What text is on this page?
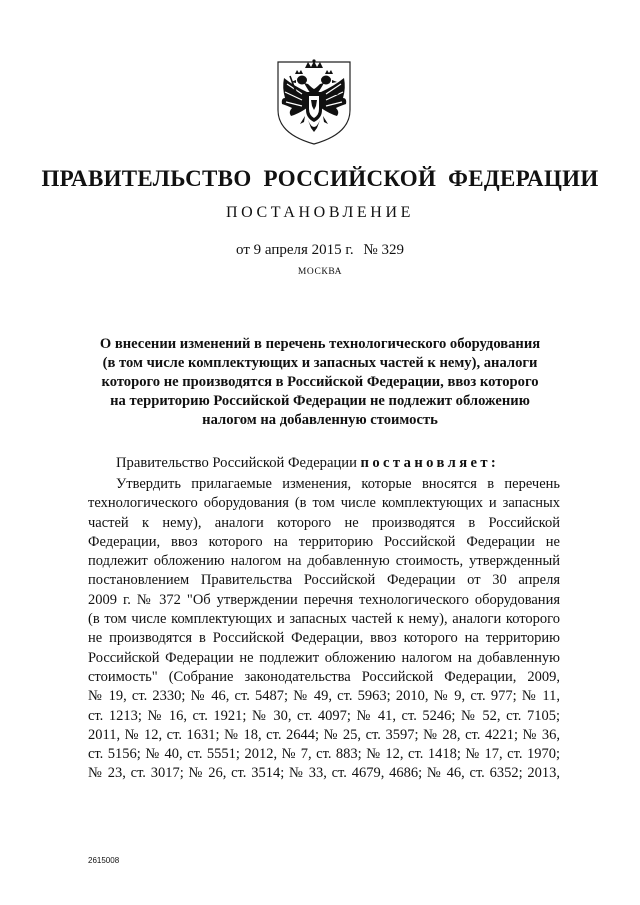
ПРАВИТЕЛЬСТВО РОССИЙСКОЙ ФЕДЕРАЦИИ

ПОСТАНОВЛЕНИЕ

от 9 апреля 2015 г. № 329

МОСКВА

О внесении изменений в перечень технологического оборудования
(в том числе комплектующих и запасных частей к нему), аналоги
которого не производятся в Российской Федерации, ввоз которого
на территорию Российской Федерации не подлежит обложению
налогом на добавленную стоимость

Правительство Российской Федерации постановляет:

Утвердить прилагаемые изменения, которые вносятся в перечень
технологического оборудования (в том числе комплектующих и запасных
частей к нему), аналоги которого не производятся в Российской
Федерации, ввоз которого на территорию Российской Федерации не
подлежит обложению налогом на добавленную стоимость, утвержденный
постановлением Правительства Российской Федерации от 30 апреля
2009 г. № 372 "Об утверждении перечня технологического оборудования
(в том числе комплектующих и запасных частей к нему), аналоги которого
не производятся в Российской Федерации, ввоз которого на территорию
Российской Федерации не подлежит обложению налогом на добавленную
стоимость" (Собрание законодательства Российской Федерации, 2009,
№ 19, ст. 2330; № 46, ст. 5487; № 49, ст. 5963; 2010, № 9, ст. 977; № 11,
ст. 1213; № 16, ст. 1921; № 30, ст. 4097; № 41, ст. 5246; № 52, ст. 7105;
2011, № 12, ст. 1631; № 18, ст. 2644; № 25, ст. 3597; № 28, ст. 4221; № 36,
ст. 5156; № 40, ст. 5551; 2012, № 7, ст. 883; № 12, ст. 1418; № 17, ст. 1970;
№ 23, ст. 3017; № 26, ст. 3514; № 33, ст. 4679, 4686; № 46, ст. 6352; 2013,

2615008
